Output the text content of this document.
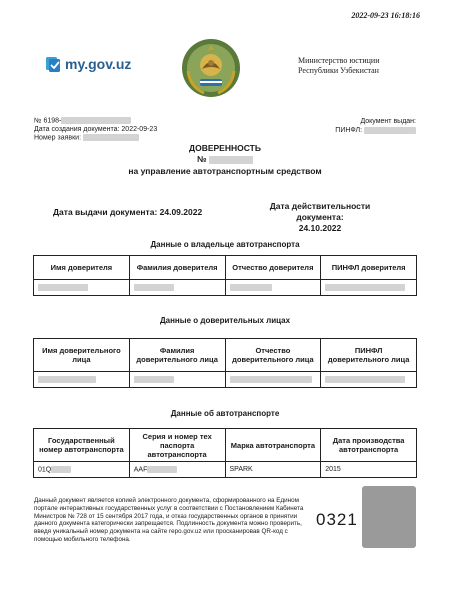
2022-09-23 16:18:16
my.gov.uz	Министерство юстиции
Республики Узбекистан
№ 6198-
Дата создания документа: 2022-09-23
Номер заявки:
Документ выдан:
ПИНФЛ:
ДОВЕРЕННОСТЬ
№
на управление автотранспортным средством
Дата выдачи документа: 24.09.2022
Дата действительности документа:
24.10.2022
Данные о владельце автотранспорта
Имя доверителя	Фамилия доверителя	Отчество доверителя	ПИНФЛ доверителя

Данные о доверительных лицах
Имя доверительного лица	Фамилия доверительного лица	Отчество доверительного лица	ПИНФЛ доверительного лица

Данные об автотранспорте
Государственный номер автотранспорта	Серия и номер тех паспорта автотранспорта	Марка автотранспорта	Дата производства автотранспорта
01Q	AAF	SPARK	2015
Данный документ является копией электронного документа, сформированного на Едином портале интерактивных государственных услуг в соответствии с Постановлением Кабинета Министров № 728 от 15 сентября 2017 года, и отказ государственных органов в принятии данного документа категорически запрещается. Подлинность документа можно проверить, введя уникальный номер документа на сайте repo.gov.uz или просканировав QR-код с помощью мобильного телефона.
0321
